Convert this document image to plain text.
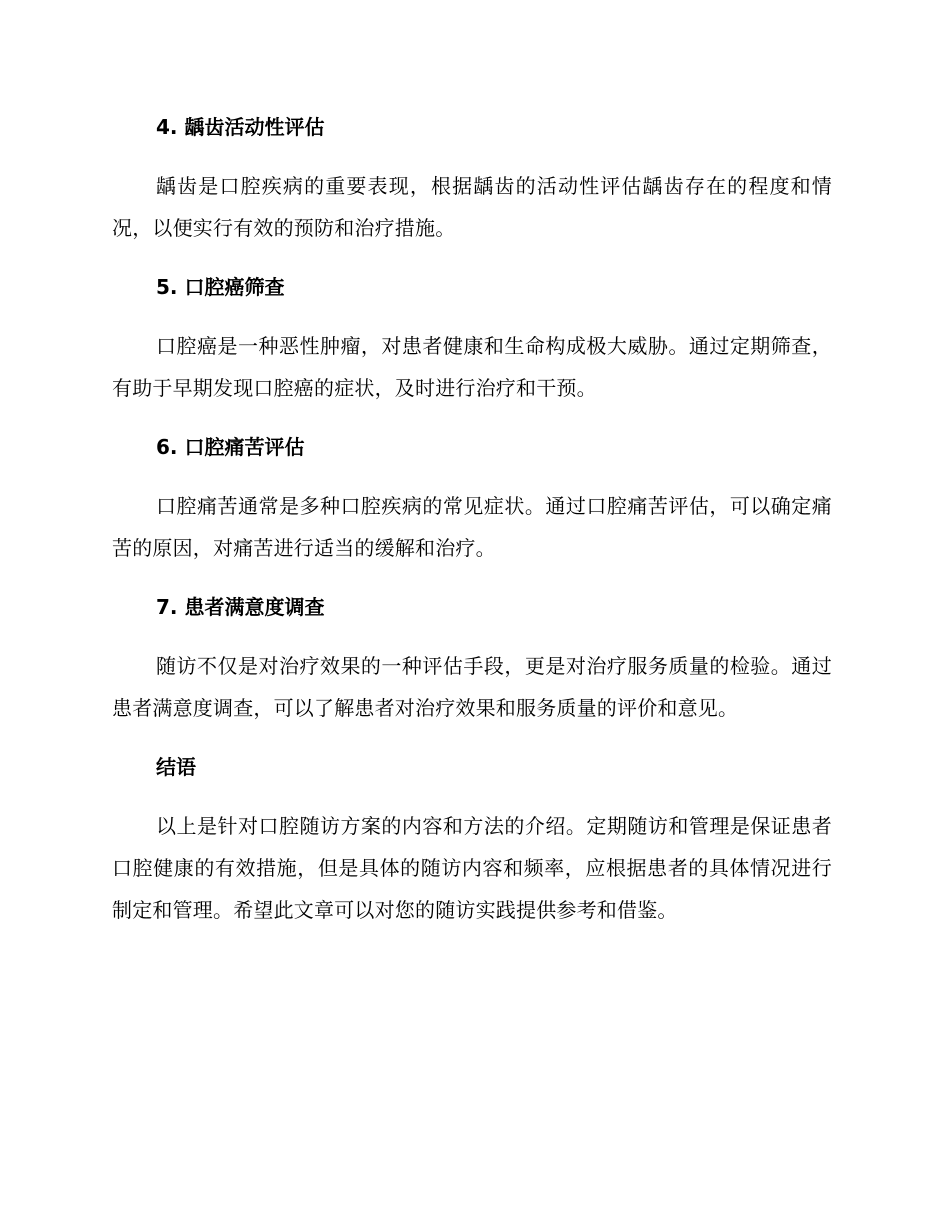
4. 龋齿活动性评估

龋齿是口腔疾病的重要表现，根据龋齿的活动性评估龋齿存在的程度和情况，以便实行有效的预防和治疗措施。

5. 口腔癌筛查

口腔癌是一种恶性肿瘤，对患者健康和生命构成极大威胁。通过定期筛查，有助于早期发现口腔癌的症状，及时进行治疗和干预。

6. 口腔痛苦评估

口腔痛苦通常是多种口腔疾病的常见症状。通过口腔痛苦评估，可以确定痛苦的原因，对痛苦进行适当的缓解和治疗。

7. 患者满意度调查

随访不仅是对治疗效果的一种评估手段，更是对治疗服务质量的检验。通过患者满意度调查，可以了解患者对治疗效果和服务质量的评价和意见。

结语

以上是针对口腔随访方案的内容和方法的介绍。定期随访和管理是保证患者口腔健康的有效措施，但是具体的随访内容和频率，应根据患者的具体情况进行制定和管理。希望此文章可以对您的随访实践提供参考和借鉴。
